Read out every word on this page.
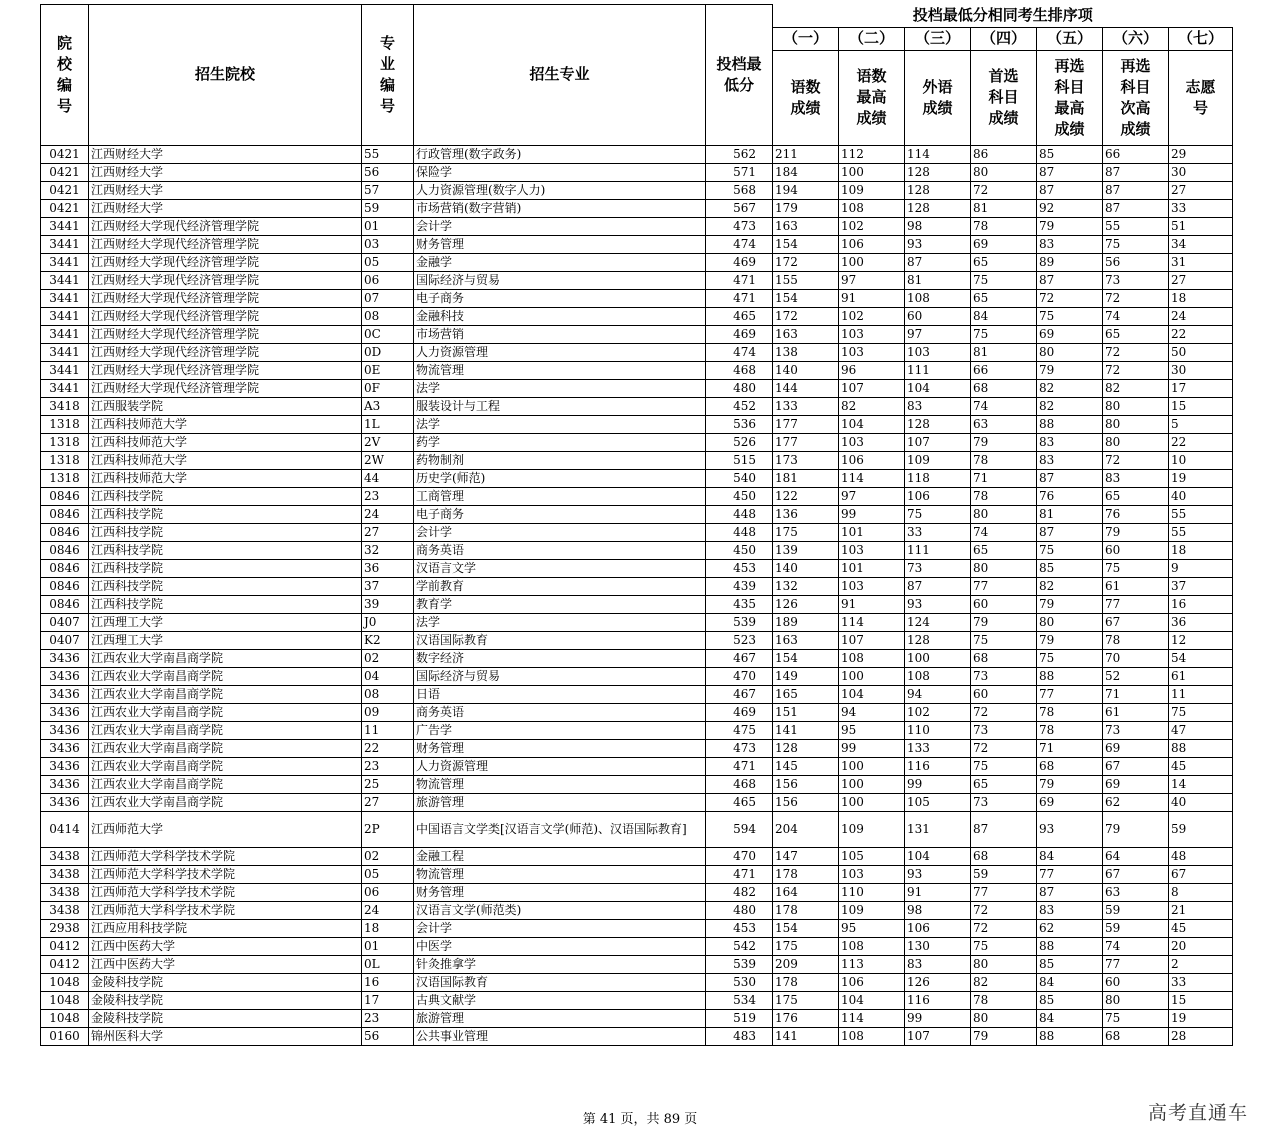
院校编号	招生院校	专业编号	招生专业	投档最低分	投档最低分相同考生排序项						
					（一）	（二）	（三）	（四）	（五）	（六）	（七）
					语数成绩	语数最高成绩	外语成绩	首选科目成绩	再选科目最高成绩	再选科目次高成绩	志愿号
0421	江西财经大学	55	行政管理(数字政务)	562	211	112	114	86	85	66	29
0421	江西财经大学	56	保险学	571	184	100	128	80	87	87	30
0421	江西财经大学	57	人力资源管理(数字人力)	568	194	109	128	72	87	87	27
0421	江西财经大学	59	市场营销(数字营销)	567	179	108	128	81	92	87	33
3441	江西财经大学现代经济管理学院	01	会计学	473	163	102	98	78	79	55	51
3441	江西财经大学现代经济管理学院	03	财务管理	474	154	106	93	69	83	75	34
3441	江西财经大学现代经济管理学院	05	金融学	469	172	100	87	65	89	56	31
3441	江西财经大学现代经济管理学院	06	国际经济与贸易	471	155	97	81	75	87	73	27
3441	江西财经大学现代经济管理学院	07	电子商务	471	154	91	108	65	72	72	18
3441	江西财经大学现代经济管理学院	08	金融科技	465	172	102	60	84	75	74	24
3441	江西财经大学现代经济管理学院	0C	市场营销	469	163	103	97	75	69	65	22
3441	江西财经大学现代经济管理学院	0D	人力资源管理	474	138	103	103	81	80	72	50
3441	江西财经大学现代经济管理学院	0E	物流管理	468	140	96	111	66	79	72	30
3441	江西财经大学现代经济管理学院	0F	法学	480	144	107	104	68	82	82	17
3418	江西服装学院	A3	服装设计与工程	452	133	82	83	74	82	80	15
1318	江西科技师范大学	1L	法学	536	177	104	128	63	88	80	5
1318	江西科技师范大学	2V	药学	526	177	103	107	79	83	80	22
1318	江西科技师范大学	2W	药物制剂	515	173	106	109	78	83	72	10
1318	江西科技师范大学	44	历史学(师范)	540	181	114	118	71	87	83	19
0846	江西科技学院	23	工商管理	450	122	97	106	78	76	65	40
0846	江西科技学院	24	电子商务	448	136	99	75	80	81	76	55
0846	江西科技学院	27	会计学	448	175	101	33	74	87	79	55
0846	江西科技学院	32	商务英语	450	139	103	111	65	75	60	18
0846	江西科技学院	36	汉语言文学	453	140	101	73	80	85	75	9
0846	江西科技学院	37	学前教育	439	132	103	87	77	82	61	37
0846	江西科技学院	39	教育学	435	126	91	93	60	79	77	16
0407	江西理工大学	J0	法学	539	189	114	124	79	80	67	36
0407	江西理工大学	K2	汉语国际教育	523	163	107	128	75	79	78	12
3436	江西农业大学南昌商学院	02	数字经济	467	154	108	100	68	75	70	54
3436	江西农业大学南昌商学院	04	国际经济与贸易	470	149	100	108	73	88	52	61
3436	江西农业大学南昌商学院	08	日语	467	165	104	94	60	77	71	11
3436	江西农业大学南昌商学院	09	商务英语	469	151	94	102	72	78	61	75
3436	江西农业大学南昌商学院	11	广告学	475	141	95	110	73	78	73	47
3436	江西农业大学南昌商学院	22	财务管理	473	128	99	133	72	71	69	88
3436	江西农业大学南昌商学院	23	人力资源管理	471	145	100	116	75	68	67	45
3436	江西农业大学南昌商学院	25	物流管理	468	156	100	99	65	79	69	14
3436	江西农业大学南昌商学院	27	旅游管理	465	156	100	105	73	69	62	40
0414	江西师范大学	2P	中国语言文学类[汉语言文学(师范)、汉语国际教育]	594	204	109	131	87	93	79	59
3438	江西师范大学科学技术学院	02	金融工程	470	147	105	104	68	84	64	48
3438	江西师范大学科学技术学院	05	物流管理	471	178	103	93	59	77	67	67
3438	江西师范大学科学技术学院	06	财务管理	482	164	110	91	77	87	63	8
3438	江西师范大学科学技术学院	24	汉语言文学(师范类)	480	178	109	98	72	83	59	21
2938	江西应用科技学院	18	会计学	453	154	95	106	72	62	59	45
0412	江西中医药大学	01	中医学	542	175	108	130	75	88	74	20
0412	江西中医药大学	0L	针灸推拿学	539	209	113	83	80	85	77	2
1048	金陵科技学院	16	汉语国际教育	530	178	106	126	82	84	60	33
1048	金陵科技学院	17	古典文献学	534	175	104	116	78	85	80	15
1048	金陵科技学院	23	旅游管理	519	176	114	99	80	84	75	19
0160	锦州医科大学	56	公共事业管理	483	141	108	107	79	88	68	28
第 41 页，共 89 页	高考直通车
